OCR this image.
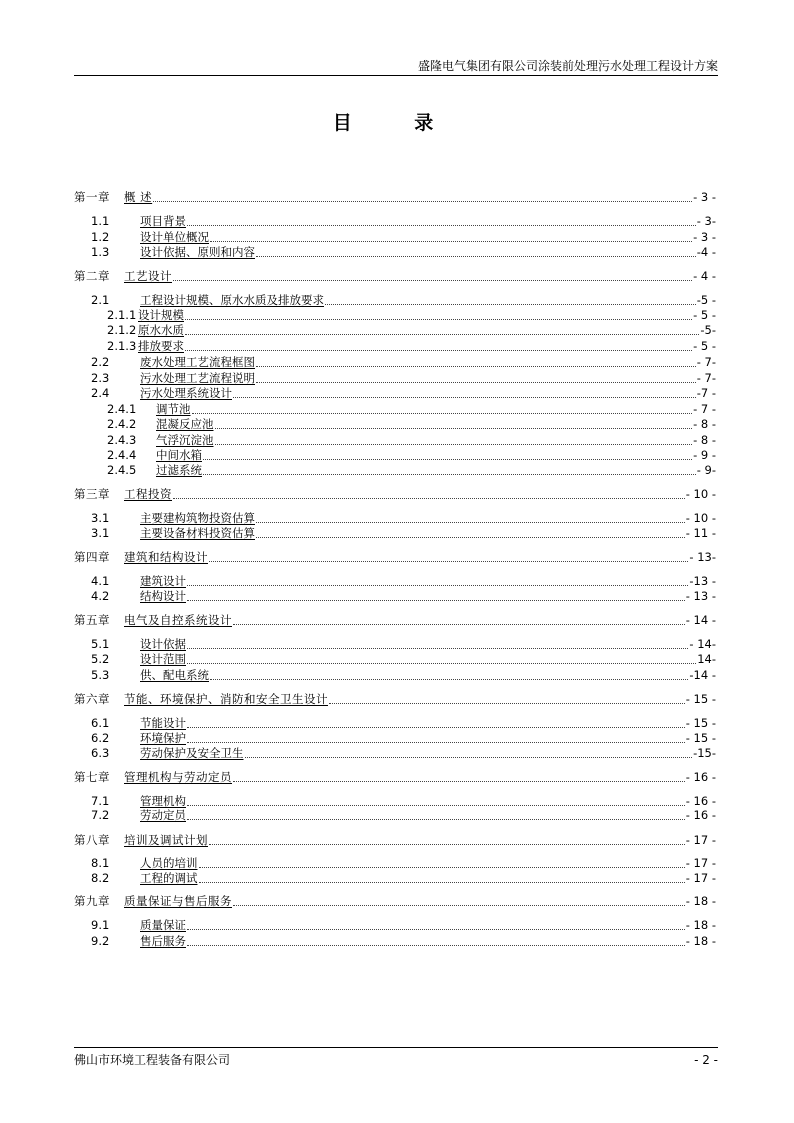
盛隆电气集团有限公司涂装前处理污水处理工程设计方案
目 录
第一章 概 述	- 3 -
1.1	项目背景	- 3-
1.2	设计单位概况	- 3 -
1.3	设计依据、原则和内容	-4 -
第二章 工艺设计	- 4 -
2.1	工程设计规模、原水水质及排放要求	-5 -
2.1.1 设计规模	- 5 -
2.1.2 原水水质	-5-
2.1.3 排放要求	- 5 -
2.2	废水处理工艺流程框图	- 7-
2.3	污水处理工艺流程说明	- 7-
2.4	污水处理系统设计	-7 -
2.4.1 调节池	- 7 -
2.4.2 混凝反应池	- 8 -
2.4.3 气浮沉淀池	- 8 -
2.4.4 中间水箱	- 9 -
2.4.5 过滤系统	- 9-
第三章 工程投资	- 10 -
3.1	主要建构筑物投资估算	- 10 -
3.1	主要设备材料投资估算	- 11 -
第四章 建筑和结构设计	- 13-
4.1	建筑设计	-13 -
4.2	结构设计	- 13 -
第五章 电气及自控系统设计	- 14 -
5.1	设计依据	- 14-
5.2	设计范围	14-
5.3	供、配电系统	-14 -
第六章 节能、环境保护、消防和安全卫生设计	- 15 -
6.1	节能设计	- 15 -
6.2	环境保护	- 15 -
6.3	劳动保护及安全卫生	-15-
第七章 管理机构与劳动定员	- 16 -
7.1	管理机构	- 16 -
7.2	劳动定员	- 16 -
第八章 培训及调试计划	- 17 -
8.1	人员的培训	- 17 -
8.2	工程的调试	- 17 -
第九章 质量保证与售后服务	- 18 -
9.1	质量保证	- 18 -
9.2	售后服务	- 18 -
佛山市环境工程装备有限公司	- 2 -
